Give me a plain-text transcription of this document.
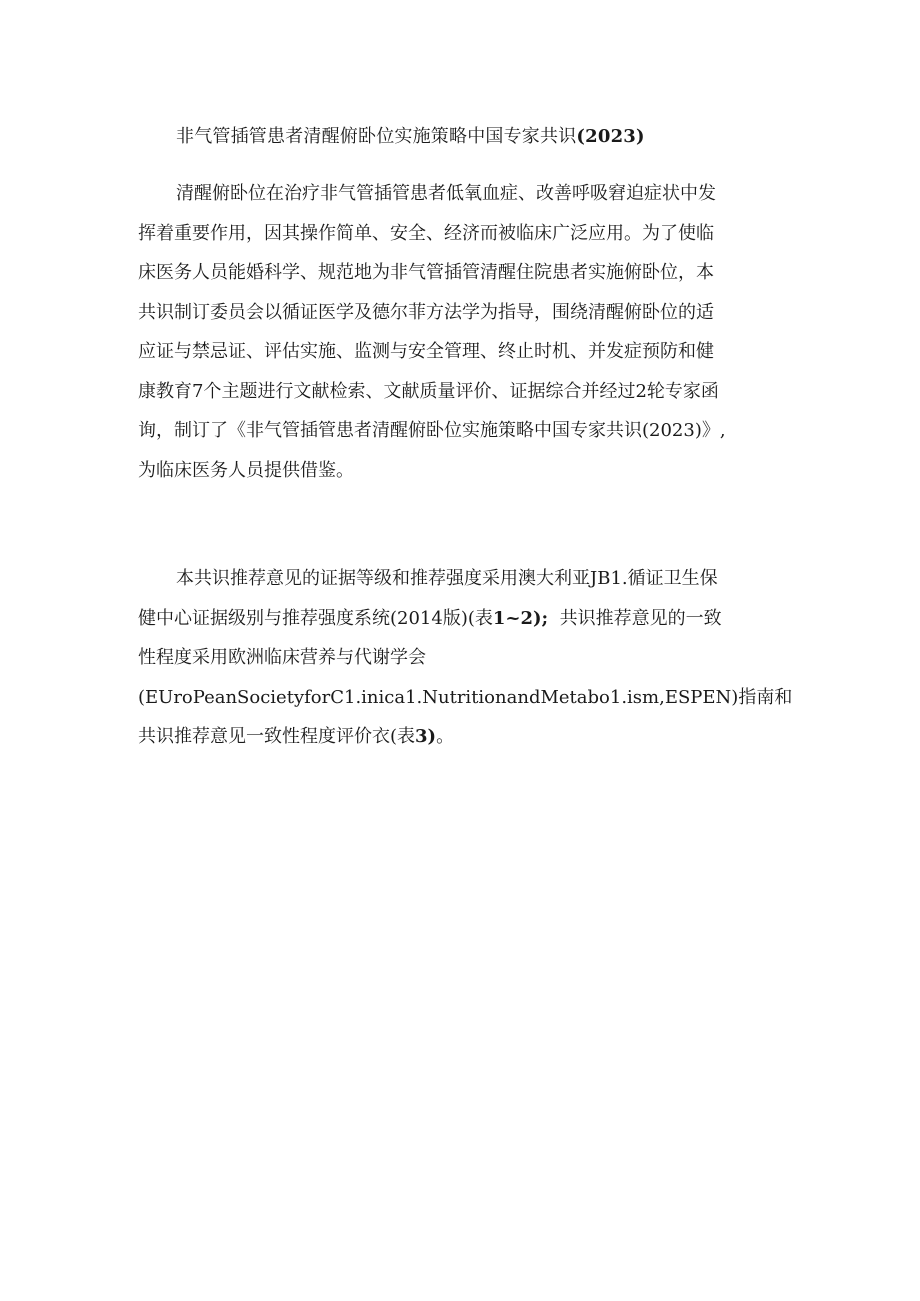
非气管插管患者清醒俯卧位实施策略中国专家共识(2023)
清醒俯卧位在治疗非气管插管患者低氧血症、改善呼吸窘迫症状中发
挥着重要作用，因其操作简单、安全、经济而被临床广泛应用。为了使临
床医务人员能婚科学、规范地为非气管插管清醒住院患者实施俯卧位，本
共识制订委员会以循证医学及德尔菲方法学为指导，围绕清醒俯卧位的适
应证与禁忌证、评估实施、监测与安全管理、终止时机、并发症预防和健
康教育7个主题进行文献检索、文献质量评价、证据综合并经过2轮专家函
询，制订了《非气管插管患者清醒俯卧位实施策略中国专家共识(2023)》,
为临床医务人员提供借鉴。
本共识推荐意见的证据等级和推荐强度采用澳大利亚JB1.循证卫生保
健中心证据级别与推荐强度系统(2014版)(表1~2); 共识推荐意见的一致
性程度采用欧洲临床营养与代谢学会
(EUroPeanSocietyforC1.inica1.NutritionandMetabo1.ism,ESPEN)指南和
共识推荐意见一致性程度评价衣(表3)。
